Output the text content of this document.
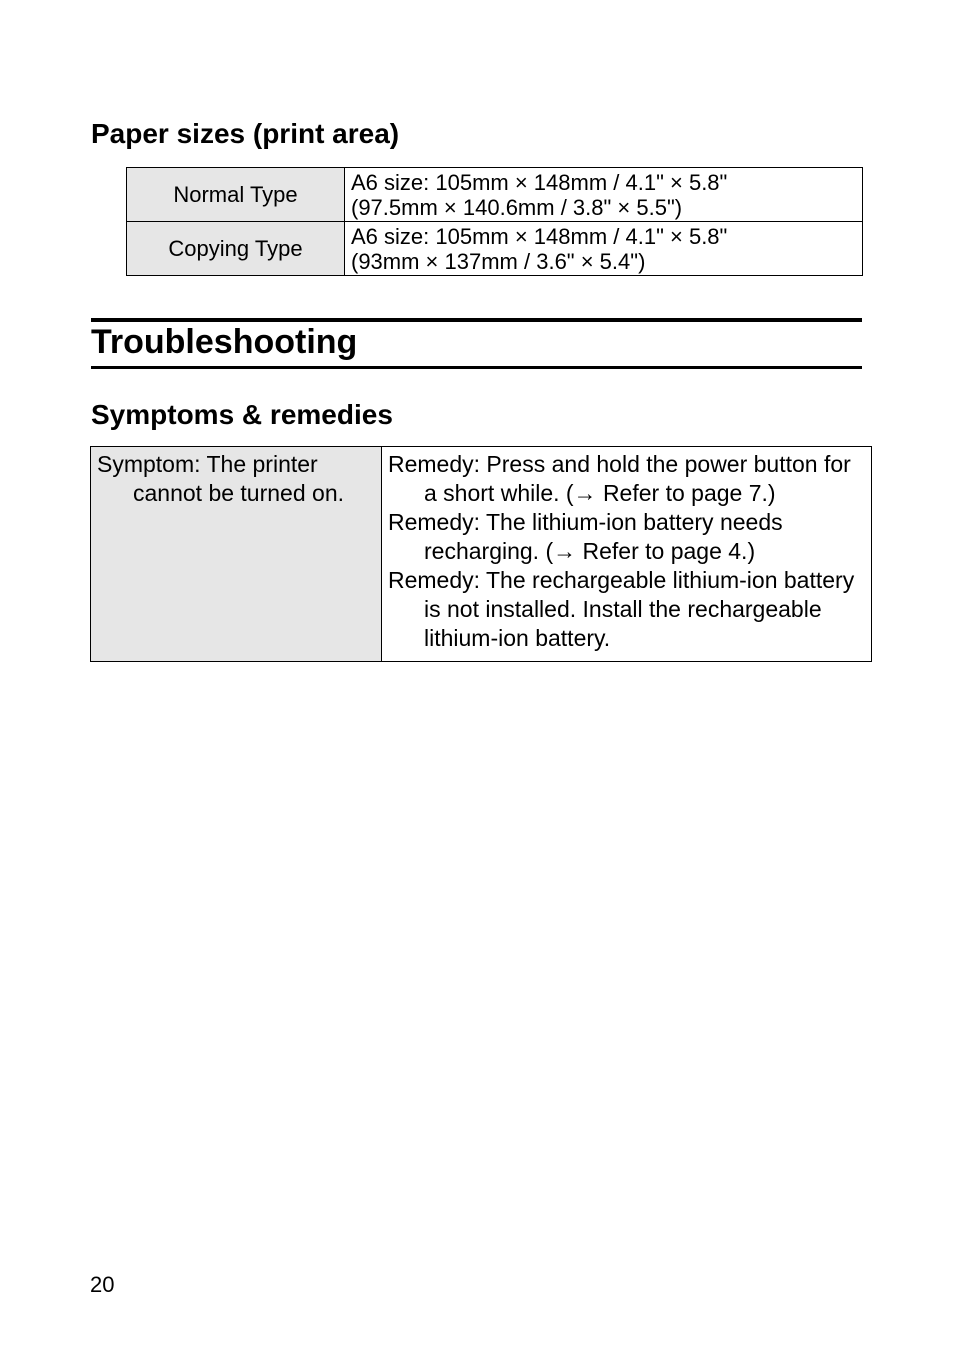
Paper sizes (print area)
Normal Type	A6 size: 105mm × 148mm / 4.1" × 5.8"
(97.5mm × 140.6mm / 3.8" × 5.5")

Copying Type	A6 size: 105mm × 148mm / 4.1" × 5.8"
(93mm × 137mm / 3.6" × 5.4")
Troubleshooting
Symptoms & remedies
Symptom: The printer cannot be turned on.

Remedy: Press and hold the power button for a short while. (→ Refer to page 7.)
Remedy: The lithium-ion battery needs recharging. (→ Refer to page 4.)
Remedy: The rechargeable lithium-ion battery is not installed. Install the rechargeable lithium-ion battery.
20
